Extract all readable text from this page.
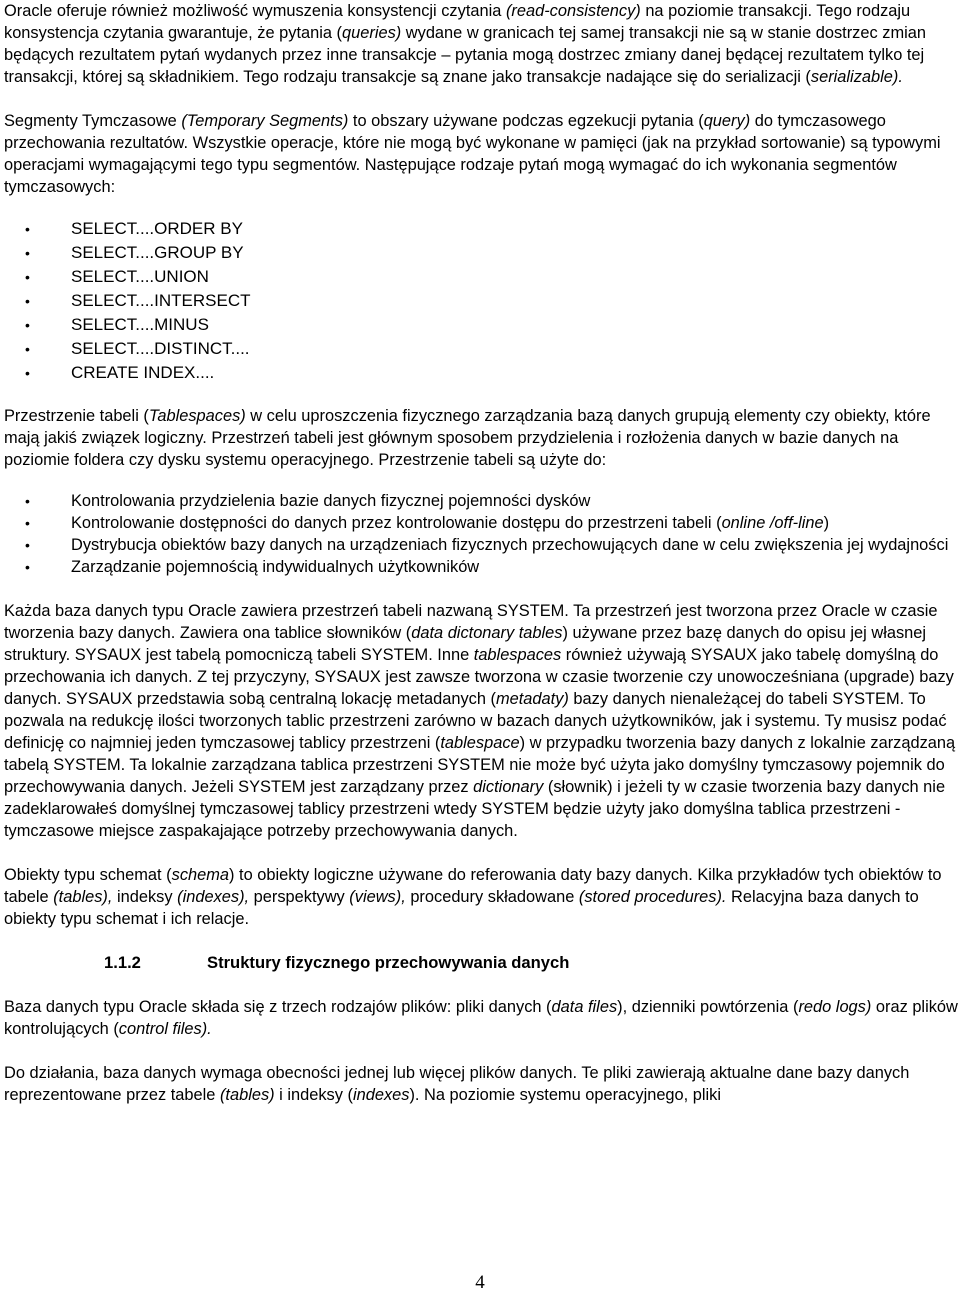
Oracle oferuje również możliwość wymuszenia konsystencji czytania (read-consistency) na poziomie transakcji. Tego rodzaju konsystencja czytania gwarantuje, że pytania (queries) wydane w granicach tej samej transakcji nie są w stanie dostrzec zmian będących rezultatem pytań wydanych przez inne transakcje – pytania mogą dostrzec zmiany danej będącej rezultatem tylko tej transakcji, której są składnikiem. Tego rodzaju transakcje są znane jako transakcje nadające się do serializacji (serializable).

Segmenty Tymczasowe (Temporary Segments) to obszary używane podczas egzekucji pytania (query) do tymczasowego przechowania rezultatów. Wszystkie operacje, które nie mogą być wykonane w pamięci (jak na przykład sortowanie) są typowymi operacjami wymagającymi tego typu segmentów. Następujące rodzaje pytań mogą wymagać do ich wykonania segmentów tymczasowych:

• SELECT....ORDER BY
• SELECT....GROUP BY
• SELECT....UNION
• SELECT....INTERSECT
• SELECT....MINUS
• SELECT....DISTINCT....
• CREATE INDEX....

Przestrzenie tabeli (Tablespaces) w celu uproszczenia fizycznego zarządzania bazą danych grupują elementy czy obiekty, które mają jakiś związek logiczny. Przestrzeń tabeli jest głównym sposobem przydzielenia i rozłożenia danych w bazie danych na poziomie foldera czy dysku systemu operacyjnego. Przestrzenie tabeli są użyte do:

•	Kontrolowania przydzielenia bazie danych fizycznej pojemności dysków
•	Kontrolowanie dostępności do danych przez kontrolowanie dostępu do przestrzeni tabeli (online /off-line)
•	Dystrybucja obiektów bazy danych na urządzeniach fizycznych przechowujących dane w celu zwiększenia jej wydajności
•	Zarządzanie pojemnością indywidualnych użytkowników

Każda baza danych typu Oracle zawiera przestrzeń tabeli nazwaną SYSTEM. Ta przestrzeń jest tworzona przez Oracle w czasie tworzenia bazy danych. Zawiera ona tablice słowników (data dictonary tables) używane przez bazę danych do opisu jej własnej struktury. SYSAUX jest tabelą pomocniczą tabeli SYSTEM. Inne tablespaces również używają SYSAUX jako tabelę domyślną do przechowania ich danych. Z tej przyczyny, SYSAUX jest zawsze tworzona w czasie tworzenie czy unowocześniana (upgrade) bazy danych. SYSAUX przedstawia sobą centralną lokację metadanych (metadaty) bazy danych nienależącej do tabeli SYSTEM. To pozwala na redukcję ilości tworzonych tablic przestrzeni zarówno w bazach danych użytkowników, jak i systemu. Ty musisz podać definicję co najmniej jeden tymczasowej tablicy przestrzeni (tablespace) w przypadku tworzenia bazy danych z lokalnie zarządzaną tabelą SYSTEM. Ta lokalnie zarządzana tablica przestrzeni SYSTEM nie może być użyta jako domyślny tymczasowy pojemnik do przechowywania danych. Jeżeli SYSTEM jest zarządzany przez dictionary (słownik) i jeżeli ty w czasie tworzenia bazy danych nie zadeklarowałeś domyślnej tymczasowej tablicy przestrzeni wtedy SYSTEM będzie użyty jako domyślna tablica przestrzeni - tymczasowe miejsce zaspakajające potrzeby przechowywania danych.

Obiekty typu schemat (schema) to obiekty logiczne używane do referowania daty bazy danych. Kilka przykładów tych obiektów to tabele (tables), indeksy (indexes), perspektywy (views), procedury składowane (stored procedures). Relacyjna baza danych to obiekty typu schemat i ich relacje.

1.1.2	Struktury fizycznego przechowywania danych

Baza danych typu Oracle składa się z trzech rodzajów plików: pliki danych (data files), dzienniki powtórzenia (redo logs) oraz plików kontrolujących (control files).

Do działania, baza danych wymaga obecności jednej lub więcej plików danych. Te pliki zawierają aktualne dane bazy danych reprezentowane przez tabele (tables) i indeksy (indexes). Na poziomie systemu operacyjnego, pliki

4
